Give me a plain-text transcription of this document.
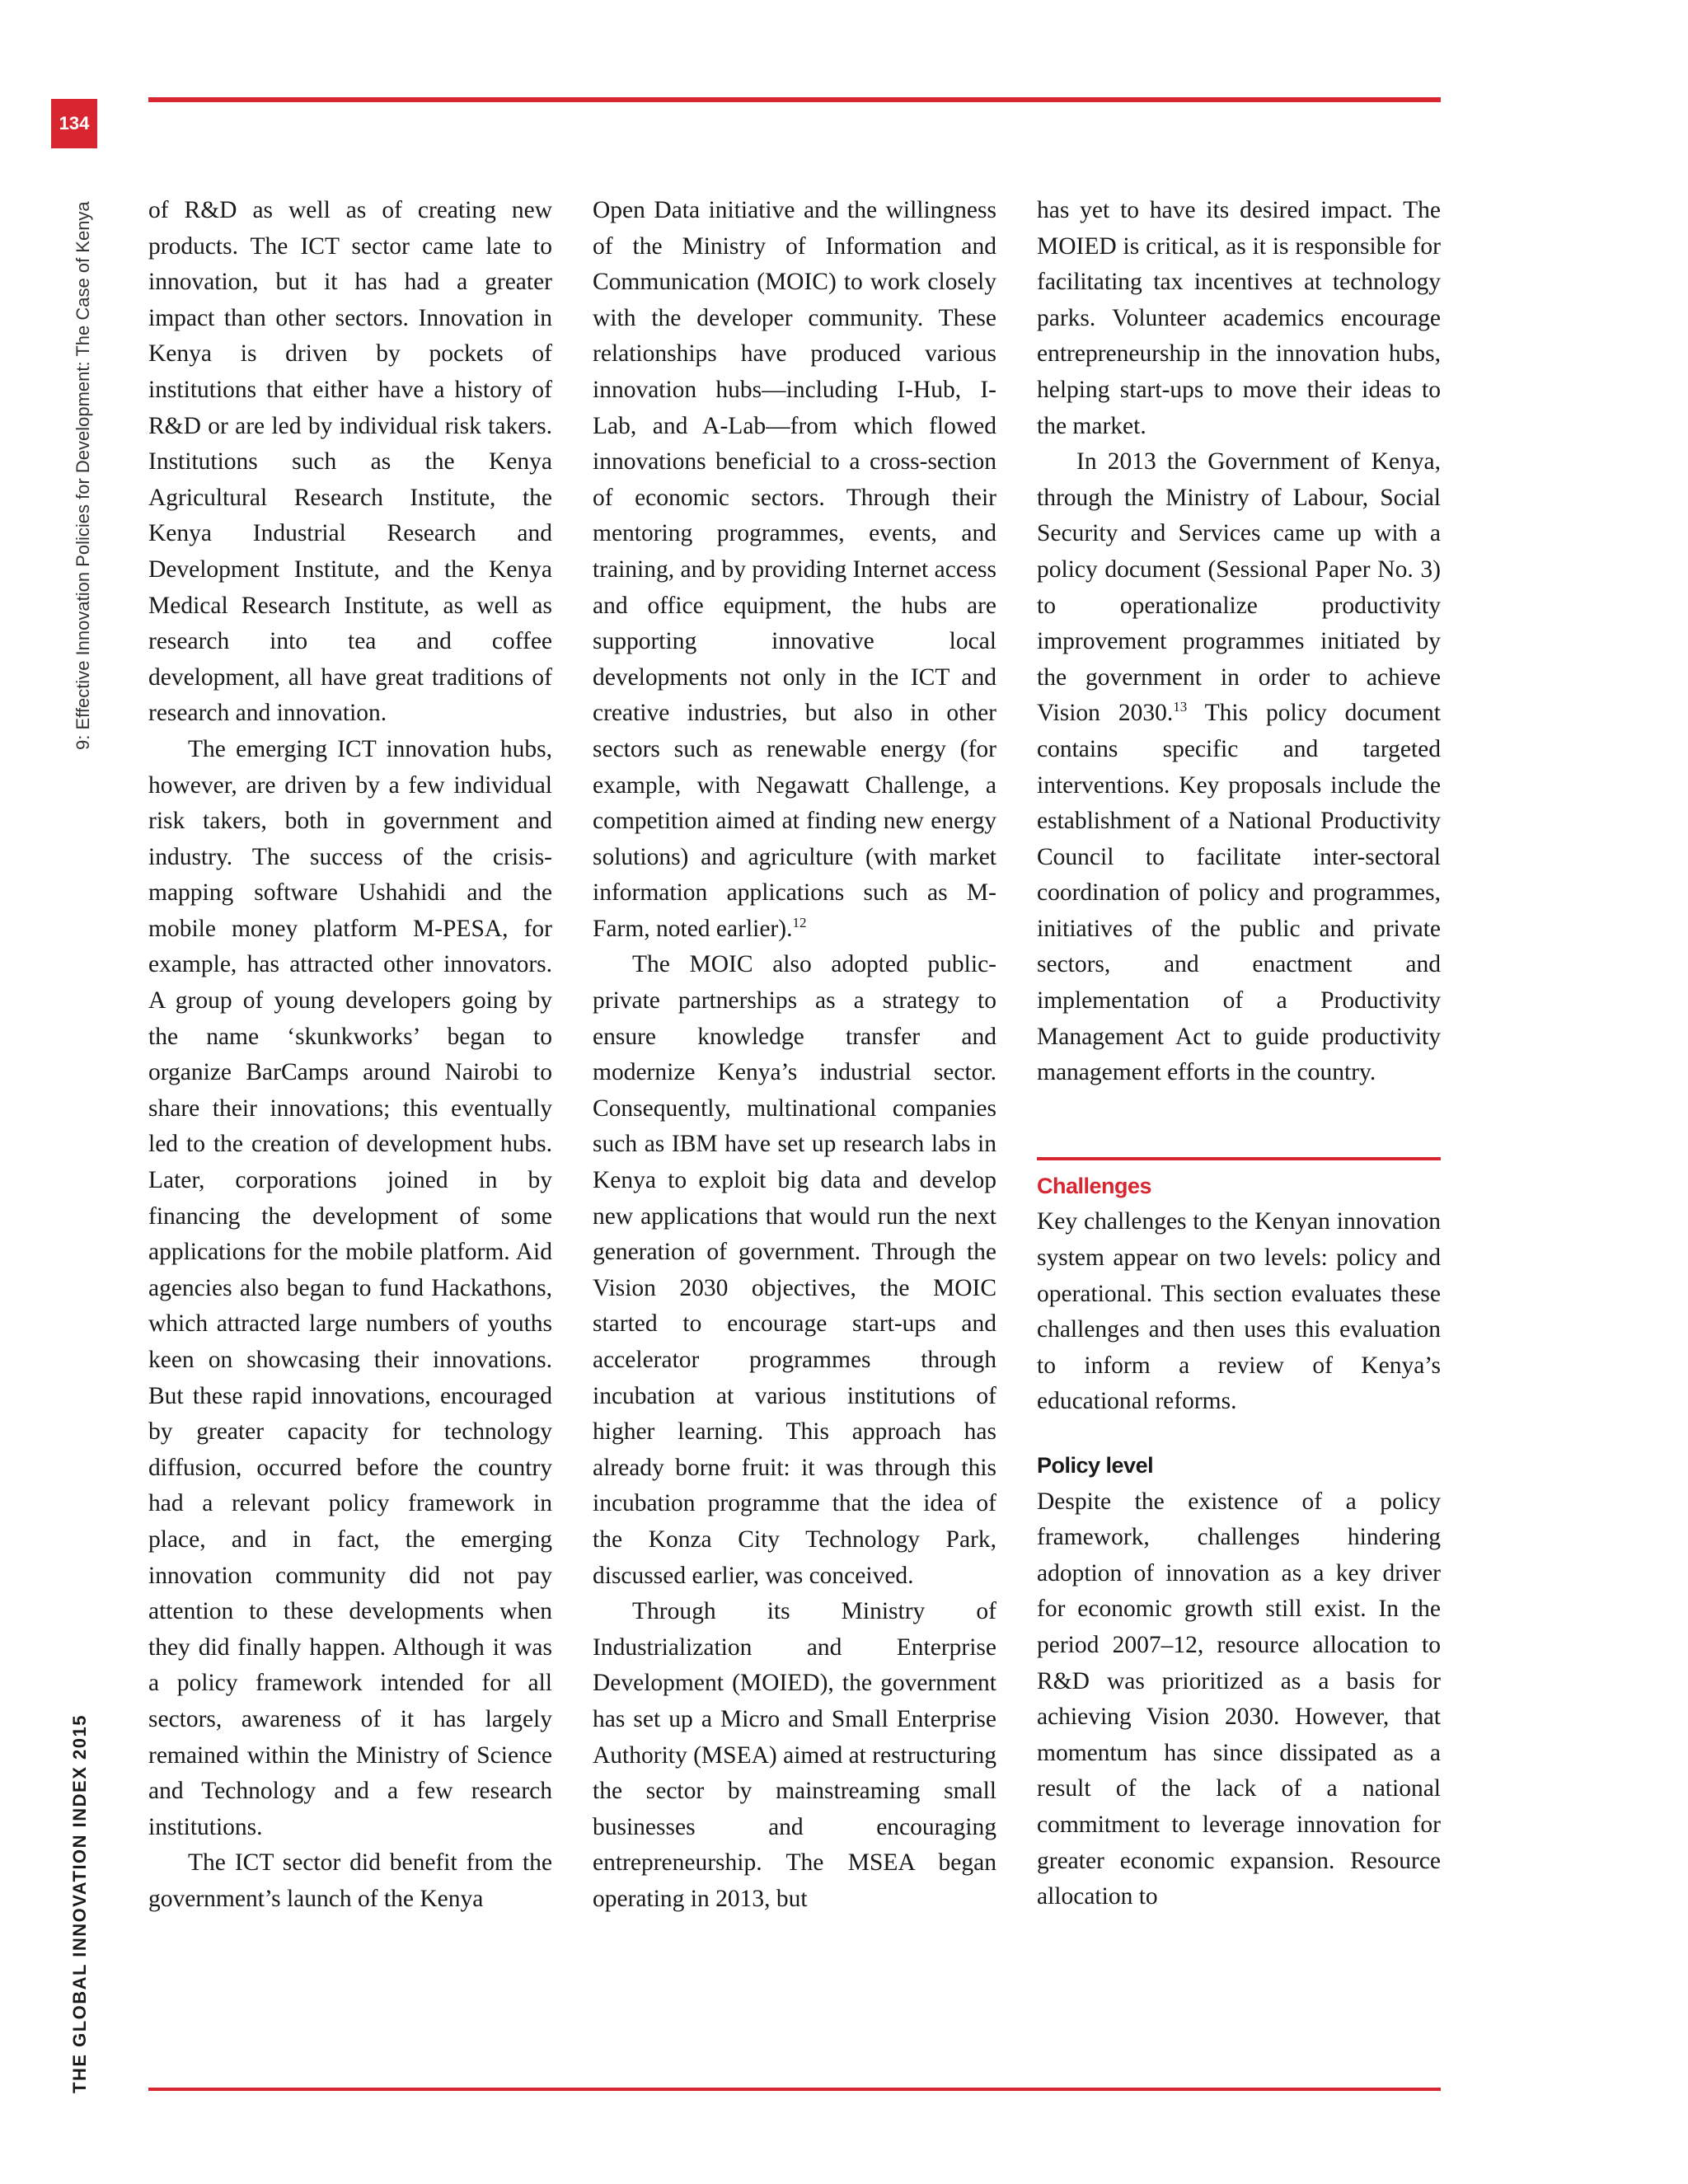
134
9: Effective Innovation Policies for Development: The Case of Kenya
THE GLOBAL INNOVATION INDEX 2015

of R&D as well as of creating new products. The ICT sector came late to innovation, but it has had a greater impact than other sectors. Innovation in Kenya is driven by pockets of institutions that either have a history of R&D or are led by individual risk takers. Institutions such as the Kenya Agricultural Research Institute, the Kenya Industrial Research and Development Institute, and the Kenya Medical Research Institute, as well as research into tea and coffee development, all have great traditions of research and innovation.

The emerging ICT innovation hubs, however, are driven by a few individual risk takers, both in government and industry. The success of the crisis-mapping software Ushahidi and the mobile money platform M-PESA, for example, has attracted other innovators. A group of young developers going by the name ‘skunkworks’ began to organize BarCamps around Nairobi to share their innovations; this eventually led to the creation of development hubs. Later, corporations joined in by financing the development of some applications for the mobile platform. Aid agencies also began to fund Hackathons, which attracted large numbers of youths keen on showcasing their innovations. But these rapid innovations, encouraged by greater capacity for technology diffusion, occurred before the country had a relevant policy framework in place, and in fact, the emerging innovation community did not pay attention to these developments when they did finally happen. Although it was a policy framework intended for all sectors, awareness of it has largely remained within the Ministry of Science and Technology and a few research institutions.

The ICT sector did benefit from the government’s launch of the Kenya

Open Data initiative and the willingness of the Ministry of Information and Communication (MOIC) to work closely with the developer community. These relationships have produced various innovation hubs—including I-Hub, I-Lab, and A-Lab—from which flowed innovations beneficial to a cross-section of economic sectors. Through their mentoring programmes, events, and training, and by providing Internet access and office equipment, the hubs are supporting innovative local developments not only in the ICT and creative industries, but also in other sectors such as renewable energy (for example, with Negawatt Challenge, a competition aimed at finding new energy solutions) and agriculture (with market information applications such as M-Farm, noted earlier).$^{12}$

The MOIC also adopted public-private partnerships as a strategy to ensure knowledge transfer and modernize Kenya’s industrial sector. Consequently, multinational companies such as IBM have set up research labs in Kenya to exploit big data and develop new applications that would run the next generation of government. Through the Vision 2030 objectives, the MOIC started to encourage start-ups and accelerator programmes through incubation at various institutions of higher learning. This approach has already borne fruit: it was through this incubation programme that the idea of the Konza City Technology Park, discussed earlier, was conceived.

Through its Ministry of Industrialization and Enterprise Development (MOIED), the government has set up a Micro and Small Enterprise Authority (MSEA) aimed at restructuring the sector by mainstreaming small businesses and encouraging entrepreneurship. The MSEA began operating in 2013, but

has yet to have its desired impact. The MOIED is critical, as it is responsible for facilitating tax incentives at technology parks. Volunteer academics encourage entrepreneurship in the innovation hubs, helping start-ups to move their ideas to the market.

In 2013 the Government of Kenya, through the Ministry of Labour, Social Security and Services came up with a policy document (Sessional Paper No. 3) to operationalize productivity improvement programmes initiated by the government in order to achieve Vision 2030.13 This policy document contains specific and targeted interventions. Key proposals include the establishment of a National Productivity Council to facilitate inter-sectoral coordination of policy and programmes, initiatives of the public and private sectors, and enactment and implementation of a Productivity Management Act to guide productivity management efforts in the country.

Challenges

Key challenges to the Kenyan innovation system appear on two levels: policy and operational. This section evaluates these challenges and then uses this evaluation to inform a review of Kenya’s educational reforms.

Policy level

Despite the existence of a policy framework, challenges hindering adoption of innovation as a key driver for economic growth still exist. In the period 2007–12, resource allocation to R&D was prioritized as a basis for achieving Vision 2030. However, that momentum has since dissipated as a result of the lack of a national commitment to leverage innovation for greater economic expansion. Resource allocation to
